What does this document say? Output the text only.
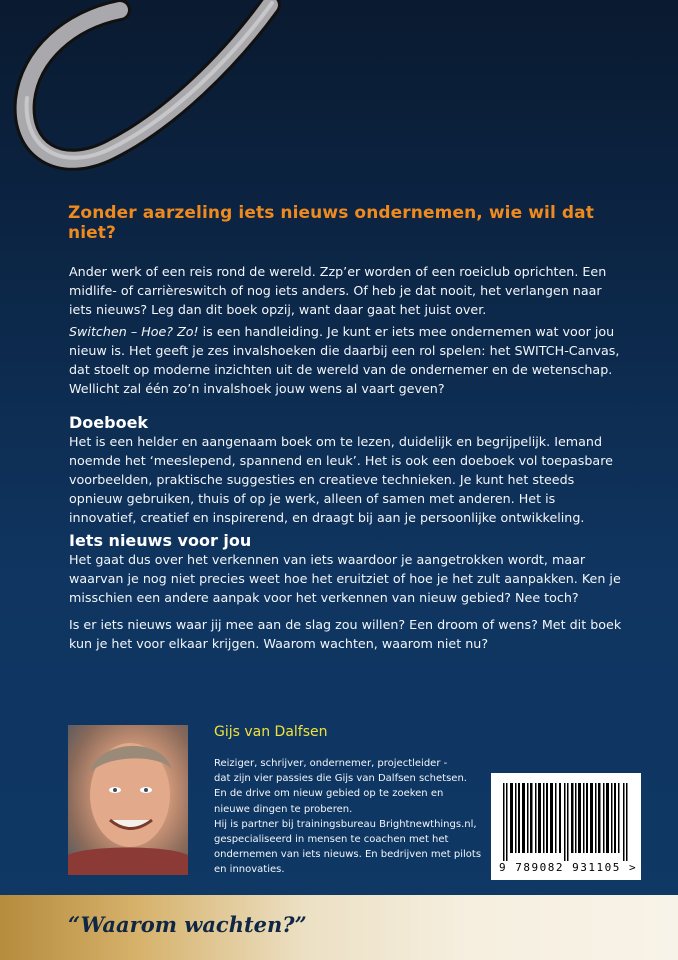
Zonder aarzeling iets nieuws ondernemen, wie wil dat niet?

Ander werk of een reis rond de wereld. Zzp’er worden of een roeiclub oprichten. Een midlife- of carrièreswitch of nog iets anders. Of heb je dat nooit, het verlangen naar iets nieuws? Leg dan dit boek opzij, want daar gaat het juist over.

Switchen – Hoe? Zo! is een handleiding. Je kunt er iets mee ondernemen wat voor jou nieuw is. Het geeft je zes invalshoeken die daarbij een rol spelen: het SWITCH-Canvas, dat stoelt op moderne inzichten uit de wereld van de ondernemer en de wetenschap. Wellicht zal één zo’n invalshoek jouw wens al vaart geven?

Doeboek

Het is een helder en aangenaam boek om te lezen, duidelijk en begrijpelijk. Iemand noemde het ‘meeslepend, spannend en leuk’. Het is ook een doeboek vol toepasbare voorbeelden, praktische suggesties en creatieve technieken. Je kunt het steeds opnieuw gebruiken, thuis of op je werk, alleen of samen met anderen. Het is innovatief, creatief en inspirerend, en draagt bij aan je persoonlijke ontwikkeling.

Iets nieuws voor jou

Het gaat dus over het verkennen van iets waardoor je aangetrokken wordt, maar waarvan je nog niet precies weet hoe het eruitziet of hoe je het zult aanpakken. Ken je misschien een andere aanpak voor het verkennen van nieuw gebied? Nee toch?

Is er iets nieuws waar jij mee aan de slag zou willen? Een droom of wens? Met dit boek kun je het voor elkaar krijgen. Waarom wachten, waarom niet nu?

Gijs van Dalfsen

Reiziger, schrijver, ondernemer, projectleider -
dat zijn vier passies die Gijs van Dalfsen schetsen.
En de drive om nieuw gebied op te zoeken en
nieuwe dingen te proberen.
Hij is partner bij trainingsbureau Brightnewthings.nl,
gespecialiseerd in mensen te coachen met het
ondernemen van iets nieuws. En bedrijven met pilots
en innovaties.	9 789082 931105 >

“Waarom wachten?”
